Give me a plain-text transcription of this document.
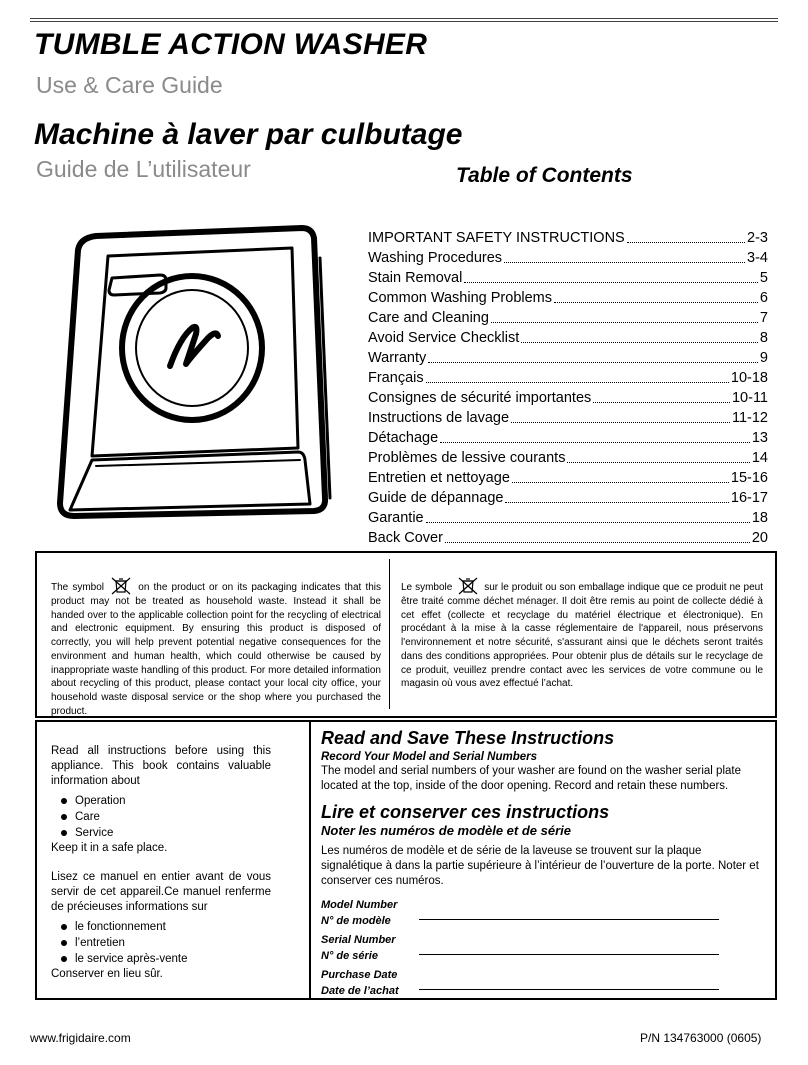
TUMBLE ACTION WASHER
Use & Care Guide
Machine à laver par culbutage
Guide de L’utilisateur	Table of Contents
IMPORTANT SAFETY INSTRUCTIONS	2-3
Washing Procedures	3-4
Stain Removal	5
Common Washing Problems	6
Care and Cleaning	7
Avoid Service Checklist	8
Warranty	9
Français	10-18
Consignes de sécurité importantes	10-11
Instructions de lavage	11-12
Détachage	13
Problèmes de lessive courants	14
Entretien et nettoyage	15-16
Guide de dépannage	16-17
Garantie	18
Back Cover	20
The symbol	on the product or on its packaging indicates that this product may not be treated as household waste. Instead it shall be handed over to the applicable collection point for the recycling of electrical and electronic equipment. By ensuring this product is disposed of correctly, you will help prevent potential negative consequences for the environment and human health, which could otherwise be caused by inappropriate waste handling of this product. For more detailed information about recycling of this product, please contact your local city office, your household waste disposal service or the shop where you purchased the product.
Le symbole	sur le produit ou son emballage indique que ce produit ne peut être traité comme déchet ménager. Il doit être remis au point de collecte dédié à cet effet (collecte et recyclage du matériel électrique et électronique). En procédant à la mise à la casse réglementaire de l'appareil, nous préservons l'environnement et notre sécurité, s'assurant ainsi que le déchets seront traités dans des conditions appropriées. Pour obtenir plus de détails sur le recyclage de ce produit, veuillez prendre contact avec les services de votre commune ou le magasin où vous avez effectué l’achat.
Read all instructions before using this appliance. This book contains valuable information about
Operation
Care
Service
Keep it in a safe place.
Lisez ce manuel en entier avant de vous servir de cet appareil.Ce manuel renferme de précieuses informations sur
le fonctionnement
l’entretien
le service après-vente
Conserver en lieu sûr.
Read and Save These Instructions
Record Your Model and Serial Numbers
The model and serial numbers of your washer are found on the washer serial plate located at the top, inside of the door opening. Record and retain these numbers.
Lire et conserver ces instructions
Noter les numéros de modèle et de série
Les numéros de modèle et de série de la laveuse se trouvent sur la plaque signalétique à dans la partie supérieure à l’intérieur de l’ouverture de la porte. Noter et conserver ces numéros.
Model Number
N° de modèle
Serial Number
N° de série
Purchase Date
Date de l’achat
www.frigidaire.com	P/N 134763000 (0605)
